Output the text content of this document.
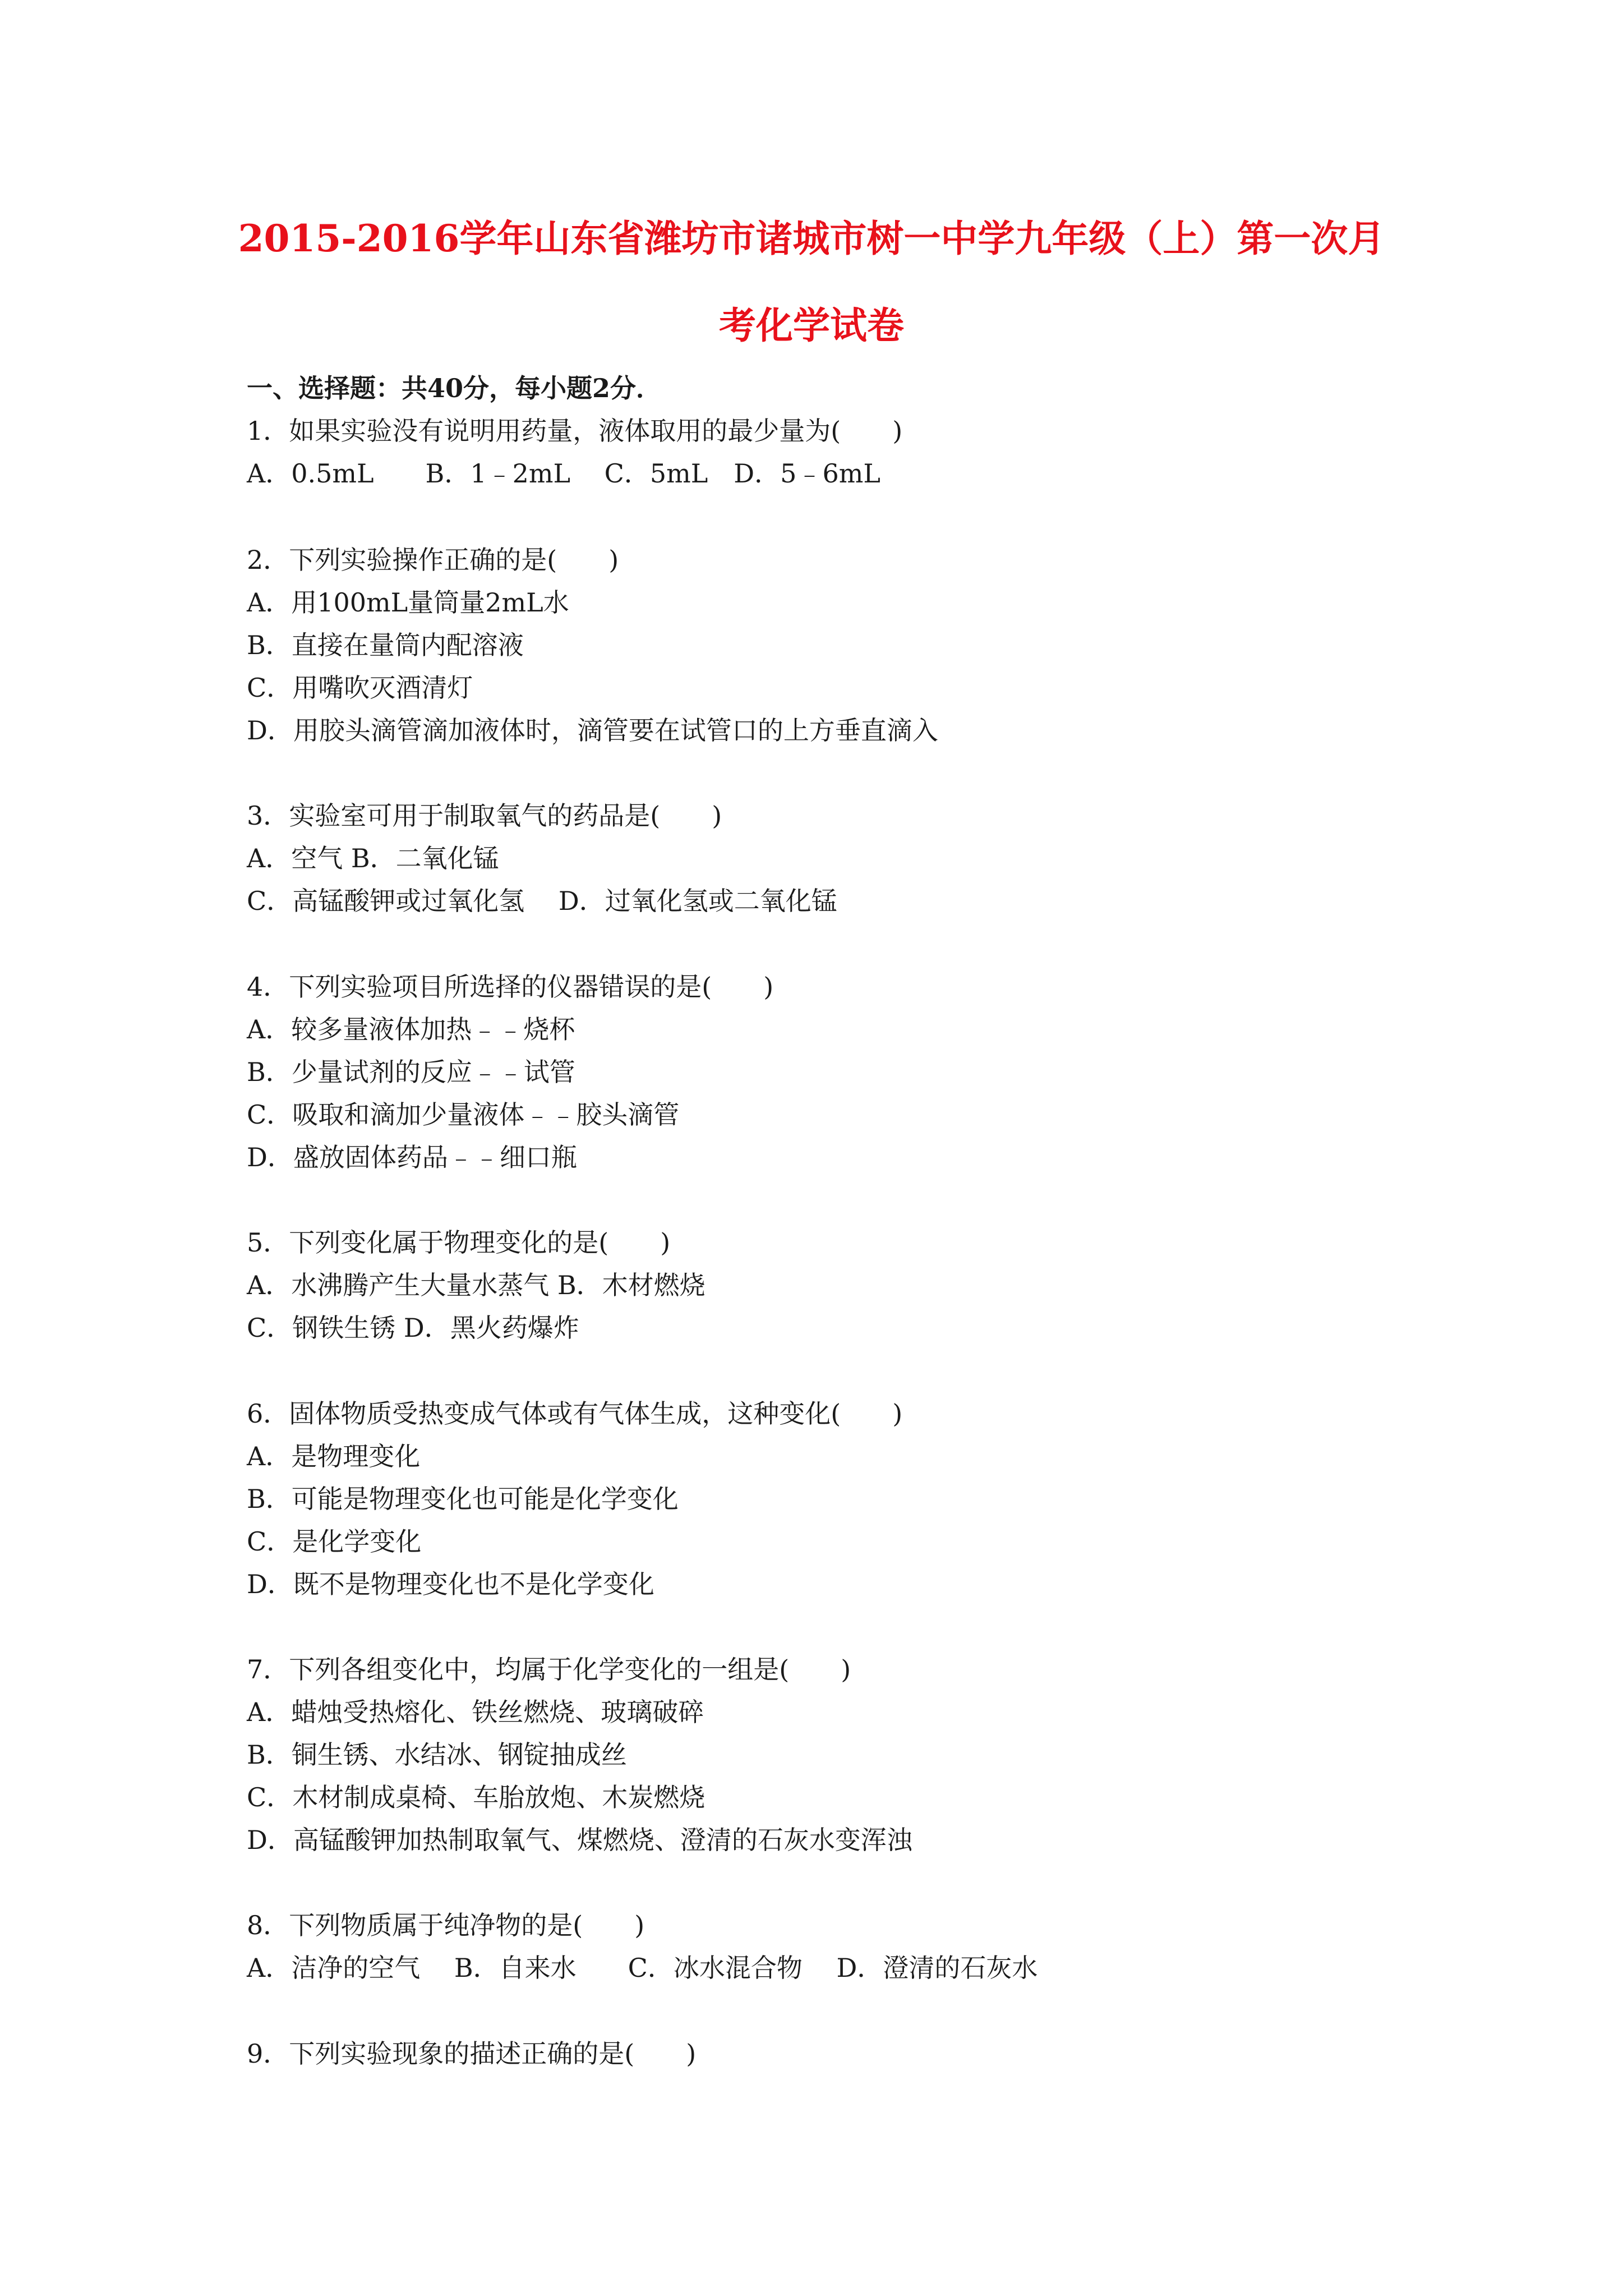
2015-2016学年山东省潍坊市诸城市树一中学九年级（上）第一次月
考化学试卷
一、选择题：共40分，每小题2分．
1．如果实验没有说明用药量，液体取用的最少量为(　　)
A．0.5mL　　B．1﹣2mL　 C．5mL　D．5﹣6mL
2．下列实验操作正确的是(　　)
A．用100mL量筒量2mL水
B．直接在量筒内配溶液
C．用嘴吹灭酒清灯
D．用胶头滴管滴加液体时，滴管要在试管口的上方垂直滴入
3．实验室可用于制取氧气的药品是(　　)
A．空气 B．二氧化锰
C．高锰酸钾或过氧化氢　 D．过氧化氢或二氧化锰
4．下列实验项目所选择的仪器错误的是(　　)
A．较多量液体加热﹣﹣烧杯
B．少量试剂的反应﹣﹣试管
C．吸取和滴加少量液体﹣﹣胶头滴管
D．盛放固体药品﹣﹣细口瓶
5．下列变化属于物理变化的是(　　)
A．水沸腾产生大量水蒸气 B．木材燃烧
C．钢铁生锈 D．黑火药爆炸
6．固体物质受热变成气体或有气体生成，这种变化(　　)
A．是物理变化
B．可能是物理变化也可能是化学变化
C．是化学变化
D．既不是物理变化也不是化学变化
7．下列各组变化中，均属于化学变化的一组是(　　)
A．蜡烛受热熔化、铁丝燃烧、玻璃破碎
B．铜生锈、水结冰、钢锭抽成丝
C．木材制成桌椅、车胎放炮、木炭燃烧
D．高锰酸钾加热制取氧气、煤燃烧、澄清的石灰水变浑浊
8．下列物质属于纯净物的是(　　)
A．洁净的空气　 B．自来水　　C．冰水混合物　 D．澄清的石灰水
9．下列实验现象的描述正确的是(　　)
